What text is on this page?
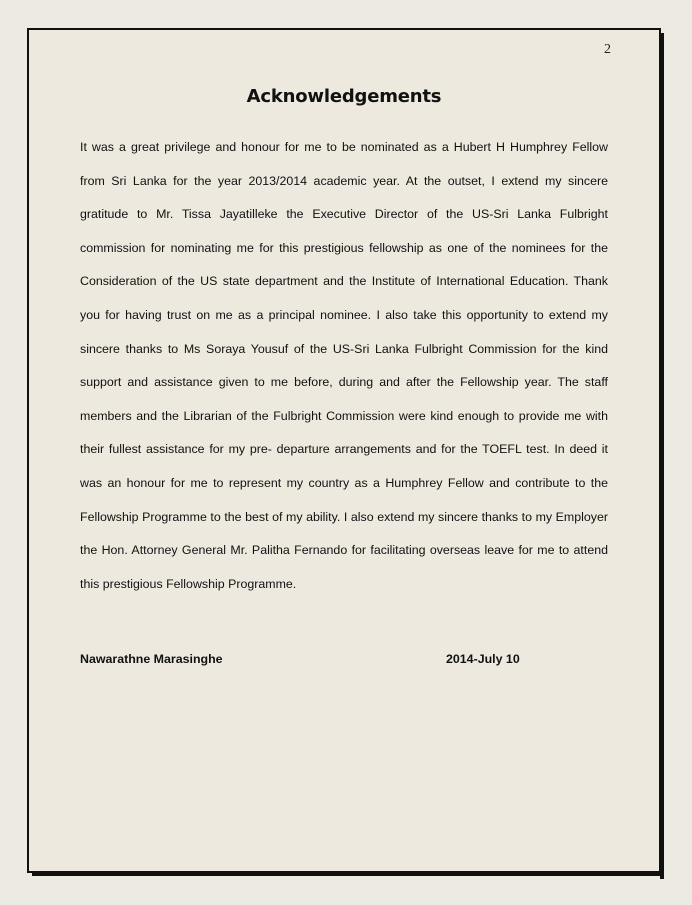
2
Acknowledgements

It was a great privilege and honour for me to be nominated as a Hubert H Humphrey Fellow from Sri Lanka for the year 2013/2014 academic year. At the outset, I extend my sincere gratitude to Mr. Tissa Jayatilleke the Executive Director of the US-Sri Lanka Fulbright commission for nominating me for this prestigious fellowship as one of the nominees for the Consideration of the US state department and the Institute of International Education. Thank you for having trust on me as a principal nominee. I also take this opportunity to extend my sincere thanks to Ms Soraya Yousuf of the US-Sri Lanka Fulbright Commission for the kind support and assistance given to me before, during and after the Fellowship year. The staff members and the Librarian of the Fulbright Commission were kind enough to provide me with their fullest assistance for my pre- departure arrangements and for the TOEFL test. In deed it was an honour for me to represent my country as a Humphrey Fellow and contribute to the Fellowship Programme to the best of my ability. I also extend my sincere thanks to my Employer the Hon. Attorney General Mr. Palitha Fernando for facilitating overseas leave for me to attend this prestigious Fellowship Programme.

Nawarathne Marasinghe	2014-July 10
